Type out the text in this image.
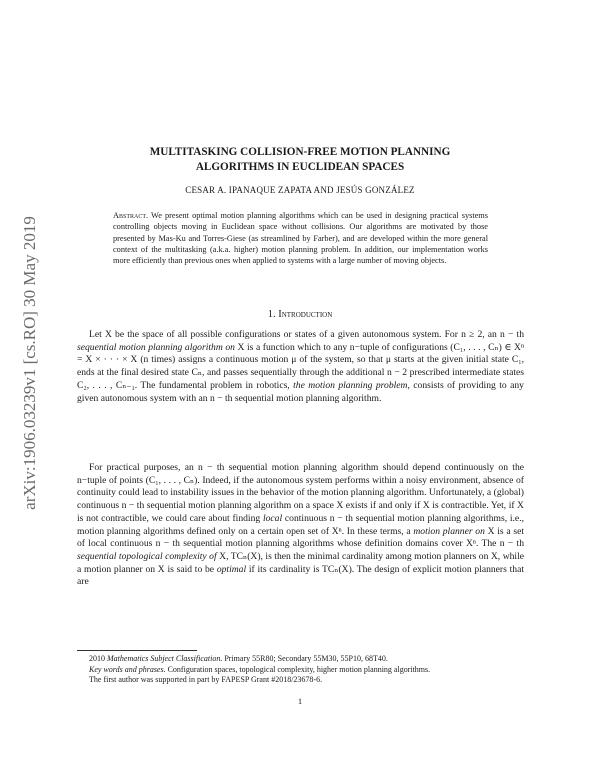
arXiv:1906.03239v1 [cs.RO] 30 May 2019
MULTITASKING COLLISION-FREE MOTION PLANNING
ALGORITHMS IN EUCLIDEAN SPACES
CESAR A. IPANAQUE ZAPATA AND JESÚS GONZÁLEZ
Abstract. We present optimal motion planning algorithms which can be used in designing practical systems controlling objects moving in Euclidean space without collisions. Our algorithms are motivated by those presented by Mas-Ku and Torres-Giese (as streamlined by Farber), and are developed within the more general context of the multitasking (a.k.a. higher) motion planning problem. In addition, our implementation works more efficiently than previous ones when applied to systems with a large number of moving objects.
1. Introduction
Let X be the space of all possible configurations or states of a given autonomous system. For n ≥ 2, an n − th sequential motion planning algorithm on X is a function which to any n−tuple of configurations (C₁, . . . , Cₙ) ∈ Xⁿ = X × · · · × X (n times) assigns a continuous motion μ of the system, so that μ starts at the given initial state C₁, ends at the final desired state Cₙ, and passes sequentially through the additional n − 2 prescribed intermediate states C₂, . . . , Cₙ₋₁. The fundamental problem in robotics, the motion planning problem, consists of providing to any given autonomous system with an n − th sequential motion planning algorithm.
For practical purposes, an n − th sequential motion planning algorithm should depend continuously on the n−tuple of points (C₁, . . . , Cₙ). Indeed, if the autonomous system performs within a noisy environment, absence of continuity could lead to instability issues in the behavior of the motion planning algorithm. Unfortunately, a (global) continuous n − th sequential motion planning algorithm on a space X exists if and only if X is contractible. Yet, if X is not contractible, we could care about finding local continuous n − th sequential motion planning algorithms, i.e., motion planning algorithms defined only on a certain open set of Xⁿ. In these terms, a motion planner on X is a set of local continuous n − th sequential motion planning algorithms whose definition domains cover Xⁿ. The n − th sequential topological complexity of X, TCₙ(X), is then the minimal cardinality among motion planners on X, while a motion planner on X is said to be optimal if its cardinality is TCₙ(X). The design of explicit motion planners that are
2010 Mathematics Subject Classification. Primary 55R80; Secondary 55M30, 55P10, 68T40.
Key words and phrases. Configuration spaces, topological complexity, higher motion planning algorithms.
The first author was supported in part by FAPESP Grant #2018/23678-6.
1
